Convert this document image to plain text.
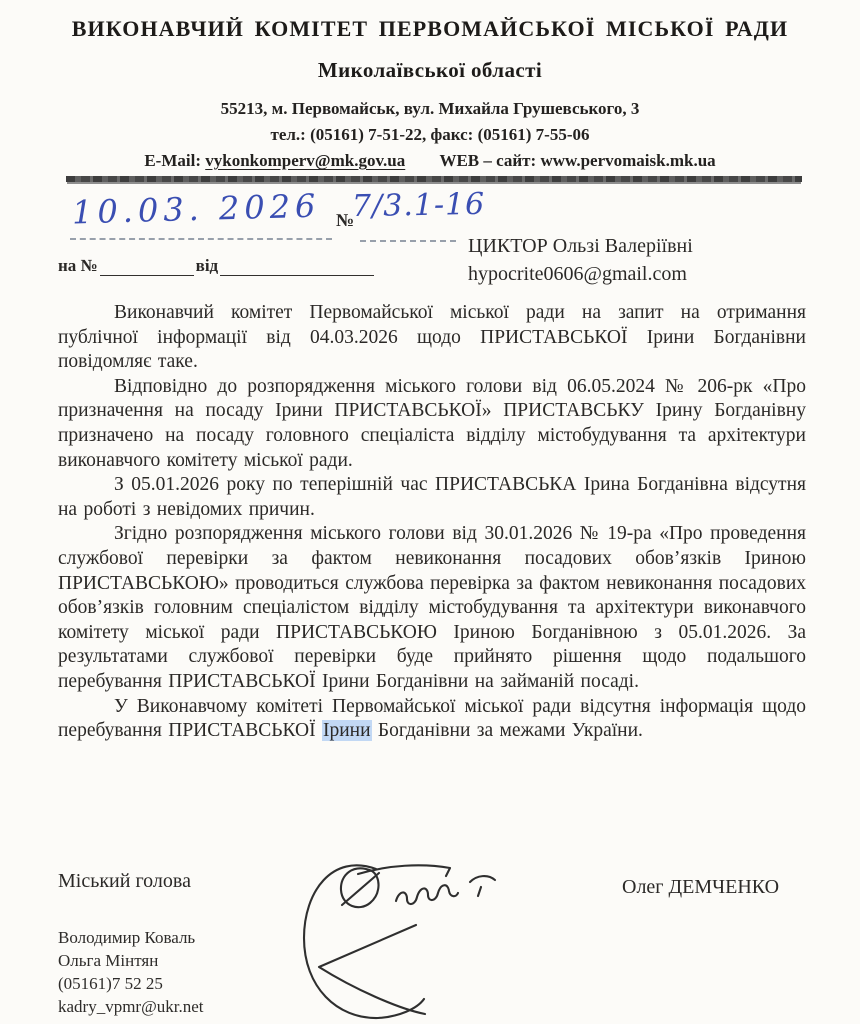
ВИКОНАВЧИЙ КОМІТЕТ ПЕРВОМАЙСЬКОЇ МІСЬКОЇ РАДИ

Миколаївської області

55213, м. Первомайськ, вул. Михайла Грушевського, 3
тел.: (05161) 7-51-22, факс: (05161) 7-55-06
E-Mail: vykonkomperv@mk.gov.ua WEB – сайт: www.pervomaisk.mk.ua
10.03. 2026 №
7/3.1-16
на №	від
ЦИКТОР Ользі Валеріївні
hypocrite0606@gmail.com

Виконавчий комітет Первомайської міської ради на запит на отримання публічної інформації від 04.03.2026 щодо ПРИСТАВСЬКОЇ Ірини Богданівни повідомляє таке.

Відповідно до розпорядження міського голови від 06.05.2024 № 206-рк «Про призначення на посаду Ірини ПРИСТАВСЬКОЇ» ПРИСТАВСЬКУ Ірину Богданівну призначено на посаду головного спеціаліста відділу містобудування та архітектури виконавчого комітету міської ради.

З 05.01.2026 року по теперішній час ПРИСТАВСЬКА Ірина Богданівна відсутня на роботі з невідомих причин.

Згідно розпорядження міського голови від 30.01.2026 № 19-ра «Про проведення службової перевірки за фактом невиконання посадових обов’язків Іриною ПРИСТАВСЬКОЮ» проводиться службова перевірка за фактом невиконання посадових обов’язків головним спеціалістом відділу містобудування та архітектури виконавчого комітету міської ради ПРИСТАВСЬКОЮ Іриною Богданівною з 05.01.2026. За результатами службової перевірки буде прийнято рішення щодо подальшого перебування ПРИСТАВСЬКОЇ Ірини Богданівни на займаній посаді.

У Виконавчому комітеті Первомайської міської ради відсутня інформація щодо перебування ПРИСТАВСЬКОЇ Ірини Богданівни за межами України.

Міський голова	Олег ДЕМЧЕНКО
Володимир Коваль
Ольга Мінтян
(05161)7 52 25
kadry_vpmr@ukr.net
